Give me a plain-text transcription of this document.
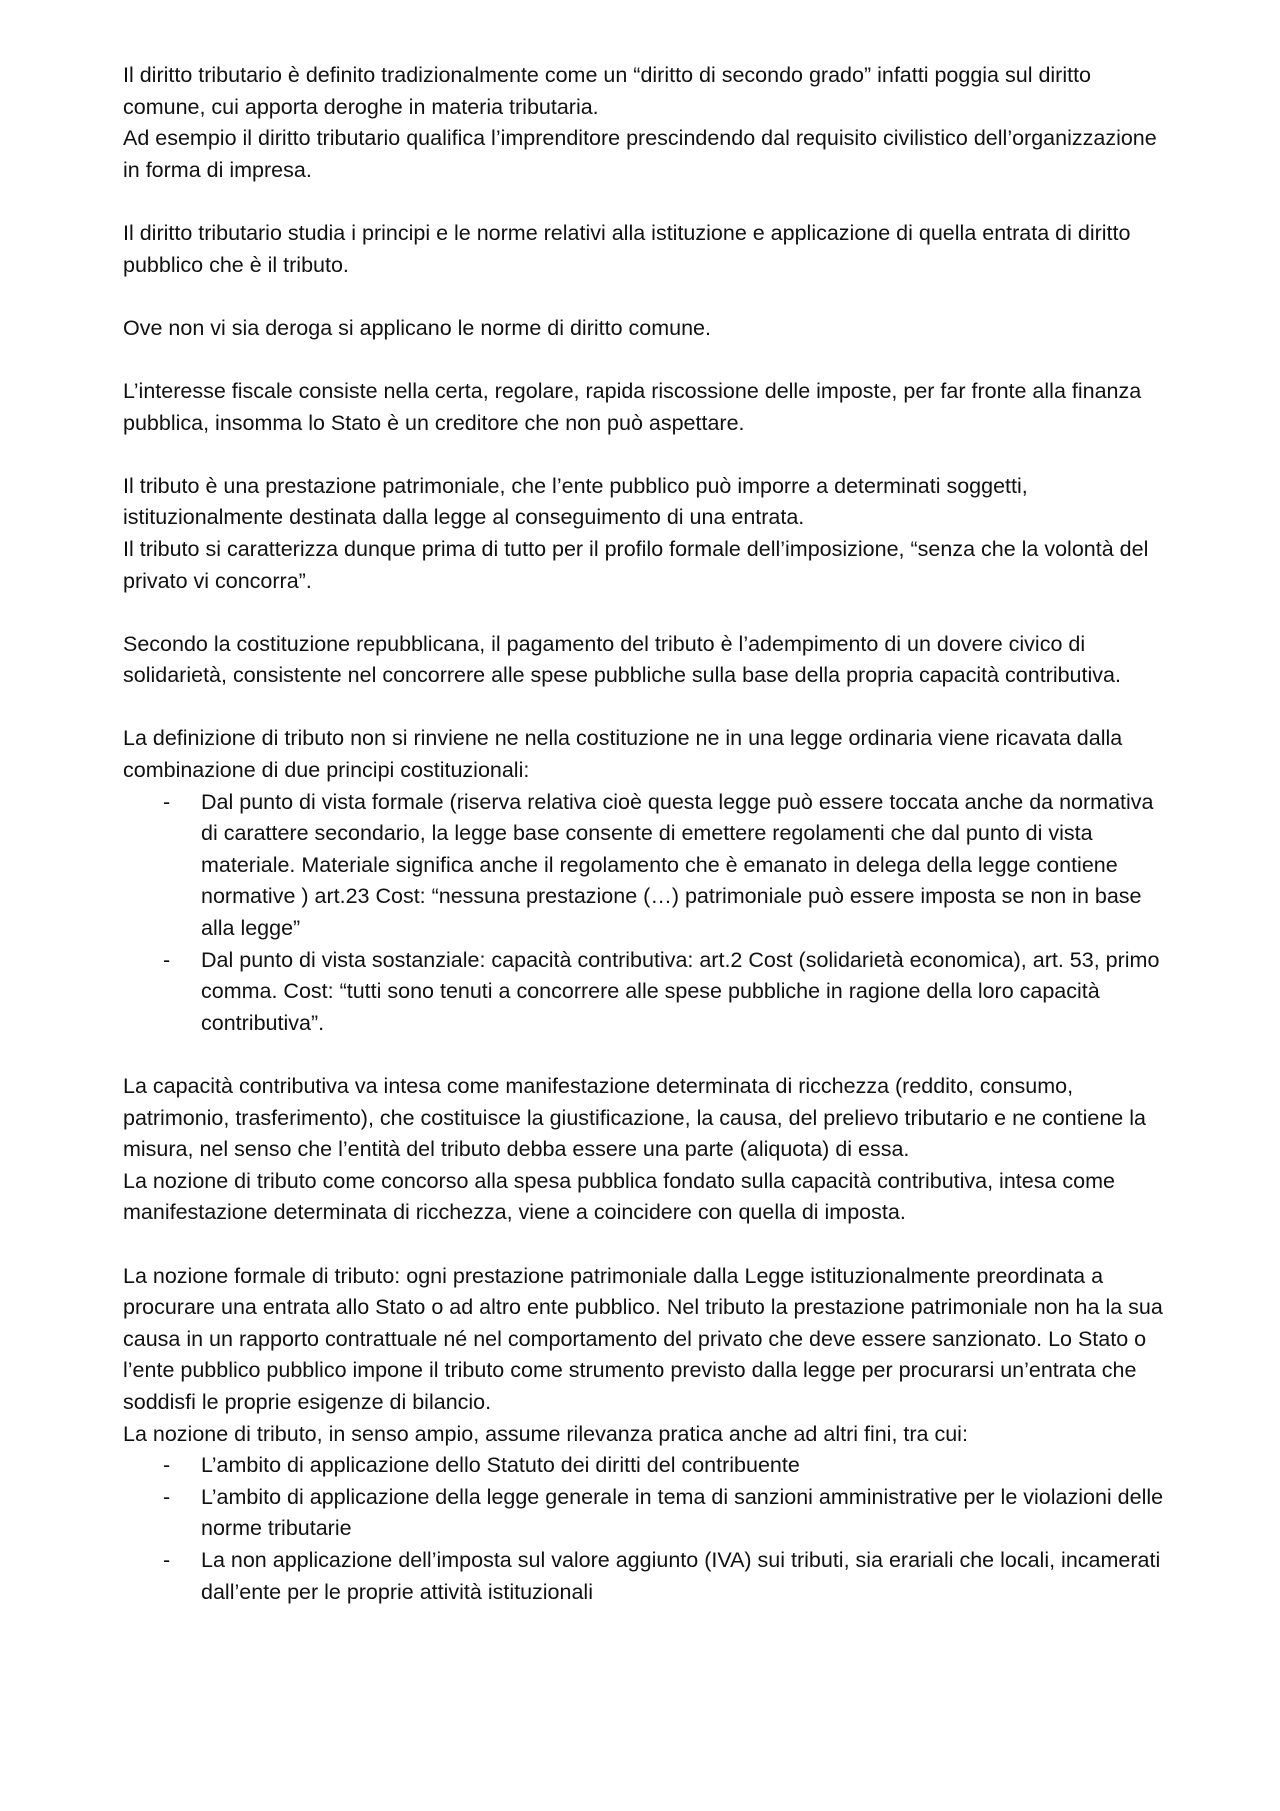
Il diritto tributario è definito tradizionalmente come un “diritto di secondo grado” infatti poggia sul diritto comune, cui apporta deroghe in materia tributaria.
Ad esempio il diritto tributario qualifica l’imprenditore prescindendo dal requisito civilistico dell’organizzazione in forma di impresa.
Il diritto tributario studia i principi e le norme relativi alla istituzione e applicazione di quella entrata di diritto pubblico che è il tributo.
Ove non vi sia deroga si applicano le norme di diritto comune.
L’interesse fiscale consiste nella certa, regolare, rapida riscossione delle imposte, per far fronte alla finanza pubblica, insomma lo Stato è un creditore che non può aspettare.
Il tributo è una prestazione patrimoniale, che l’ente pubblico può imporre a determinati soggetti, istituzionalmente destinata dalla legge al conseguimento di una entrata.
Il tributo si caratterizza dunque prima di tutto per il profilo formale dell’imposizione, “senza che la volontà del privato vi concorra”.
Secondo la costituzione repubblicana, il pagamento del tributo è l’adempimento di un dovere civico di solidarietà, consistente nel concorrere alle spese pubbliche sulla base della propria capacità contributiva.
La definizione di tributo non si rinviene ne nella costituzione ne in una legge ordinaria viene ricavata dalla combinazione di due principi costituzionali:
- Dal punto di vista formale (riserva relativa cioè questa legge può essere toccata anche da normativa di carattere secondario, la legge base consente di emettere regolamenti che dal punto di vista materiale. Materiale significa anche il regolamento che è emanato in delega della legge contiene normative ) art.23 Cost: “nessuna prestazione (…) patrimoniale può essere imposta se non in base alla legge”
- Dal punto di vista sostanziale: capacità contributiva: art.2 Cost (solidarietà economica), art. 53, primo comma. Cost: “tutti sono tenuti a concorrere alle spese pubbliche in ragione della loro capacità contributiva”.
La capacità contributiva va intesa come manifestazione determinata di ricchezza (reddito, consumo, patrimonio, trasferimento), che costituisce la giustificazione, la causa, del prelievo tributario e ne contiene la misura, nel senso che l’entità del tributo debba essere una parte (aliquota) di essa.
La nozione di tributo come concorso alla spesa pubblica fondato sulla capacità contributiva, intesa come manifestazione determinata di ricchezza, viene a coincidere con quella di imposta.
La nozione formale di tributo: ogni prestazione patrimoniale dalla Legge istituzionalmente preordinata a procurare una entrata allo Stato o ad altro ente pubblico. Nel tributo la prestazione patrimoniale non ha la sua causa in un rapporto contrattuale né nel comportamento del privato che deve essere sanzionato. Lo Stato o l’ente pubblico pubblico impone il tributo come strumento previsto dalla legge per procurarsi un’entrata che soddisfi le proprie esigenze di bilancio.
La nozione di tributo, in senso ampio, assume rilevanza pratica anche ad altri fini, tra cui:
- L’ambito di applicazione dello Statuto dei diritti del contribuente
- L’ambito di applicazione della legge generale in tema di sanzioni amministrative per le violazioni delle norme tributarie
- La non applicazione dell’imposta sul valore aggiunto (IVA) sui tributi, sia erariali che locali, incamerati dall’ente per le proprie attività istituzionali
